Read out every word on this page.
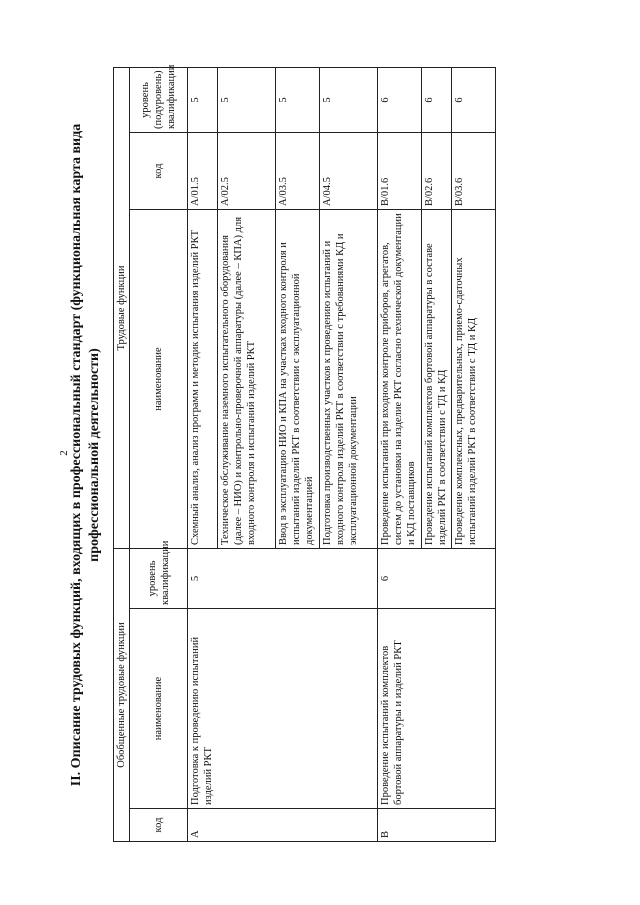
2 II. Описание трудовых функций, входящих в профессиональный стандарт (функциональная карта вида профессиональной деятельности)
Обобщенные трудовые функции			Трудовые функции		
код	наименование	уровень квалификации	наименование	код	уровень (подуровень) квалификации
A	Подготовка к проведению испытаний изделий РКТ	5	Схемный анализ, анализ программ и методик испытания изделий РКТ	A/01.5	5
			Техническое обслуживание наземного испытательного оборудования (далее – НИО) и контрольно-проверочной аппаратуры (далее – КПА) для входного контроля и испытаний изделий РКТ	A/02.5	5
			Ввод в эксплуатацию НИО и КПА на участках входного контроля и испытаний изделий РКТ в соответствии с эксплуатационной документацией	A/03.5	5
			Подготовка производственных участков к проведению испытаний и входного контроля изделий РКТ в соответствии с требованиями КД и эксплуатационной документации	A/04.5	5
B	Проведение испытаний комплектов бортовой аппаратуры и изделий РКТ	6	Проведение испытаний при входном контроле приборов, агрегатов, систем до установки на изделие РКТ согласно технической документации и КД поставщиков	B/01.6	6
			Проведение испытаний комплектов бортовой аппаратуры в составе изделий РКТ в соответствии с ТД и КД	B/02.6	6
			Проведение комплексных, предварительных, приемо-сдаточных испытаний изделий РКТ в соответствии с ТД и КД	B/03.6	6
